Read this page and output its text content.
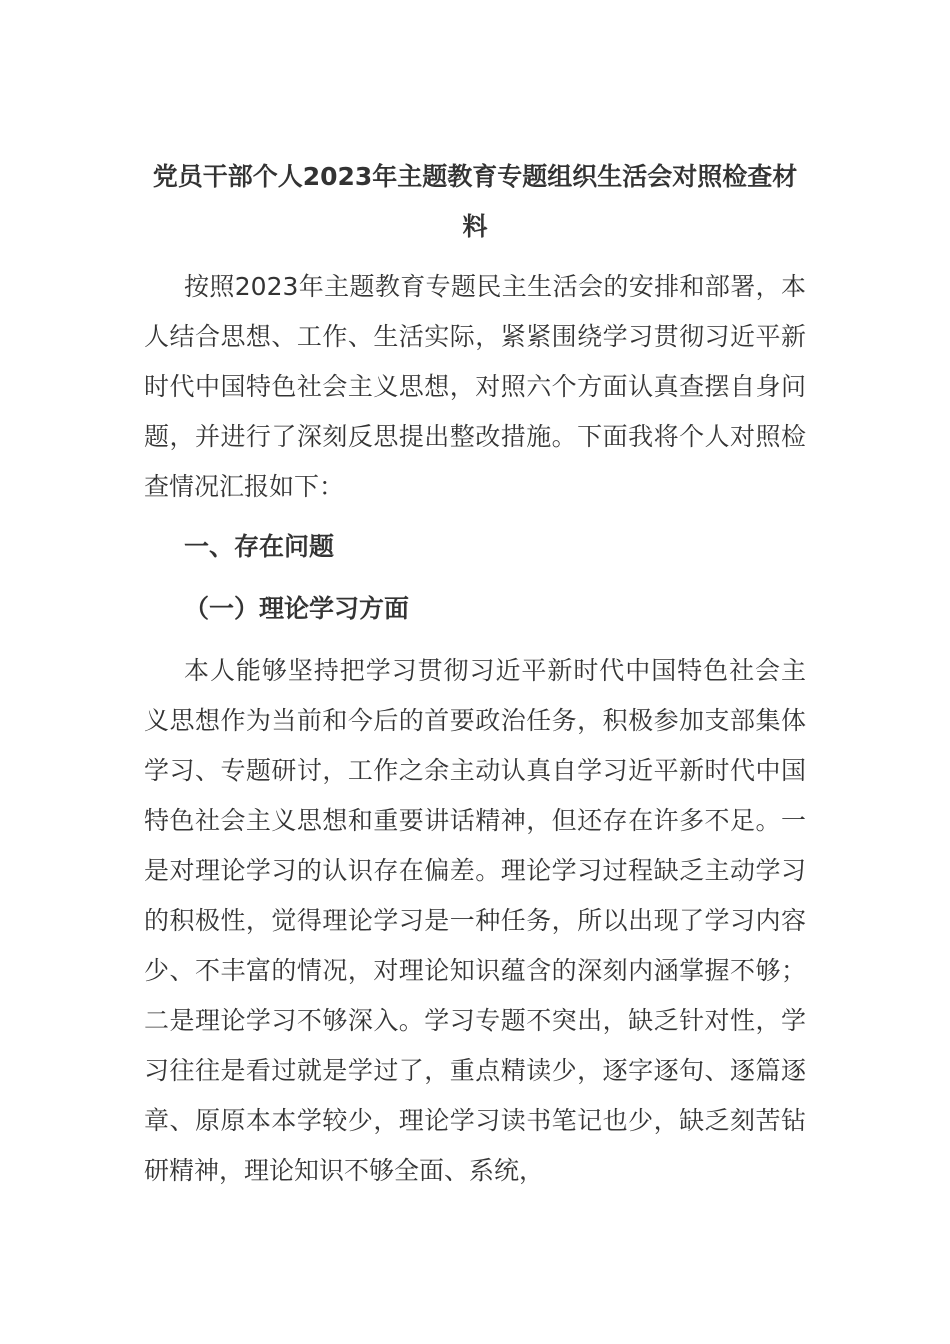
党员干部个人2023年主题教育专题组织生活会对照检查材料

按照2023年主题教育专题民主生活会的安排和部署，本人结合思想、工作、生活实际，紧紧围绕学习贯彻习近平新时代中国特色社会主义思想，对照六个方面认真查摆自身问题，并进行了深刻反思提出整改措施。下面我将个人对照检查情况汇报如下：

一、存在问题
（一）理论学习方面

本人能够坚持把学习贯彻习近平新时代中国特色社会主义思想作为当前和今后的首要政治任务，积极参加支部集体学习、专题研讨，工作之余主动认真自学习近平新时代中国特色社会主义思想和重要讲话精神，但还存在许多不足。一是对理论学习的认识存在偏差。理论学习过程缺乏主动学习的积极性，觉得理论学习是一种任务，所以出现了学习内容少、不丰富的情况，对理论知识蕴含的深刻内涵掌握不够；二是理论学习不够深入。学习专题不突出，缺乏针对性，学习往往是看过就是学过了，重点精读少，逐字逐句、逐篇逐章、原原本本学较少，理论学习读书笔记也少，缺乏刻苦钻研精神，理论知识不够全面、系统，
